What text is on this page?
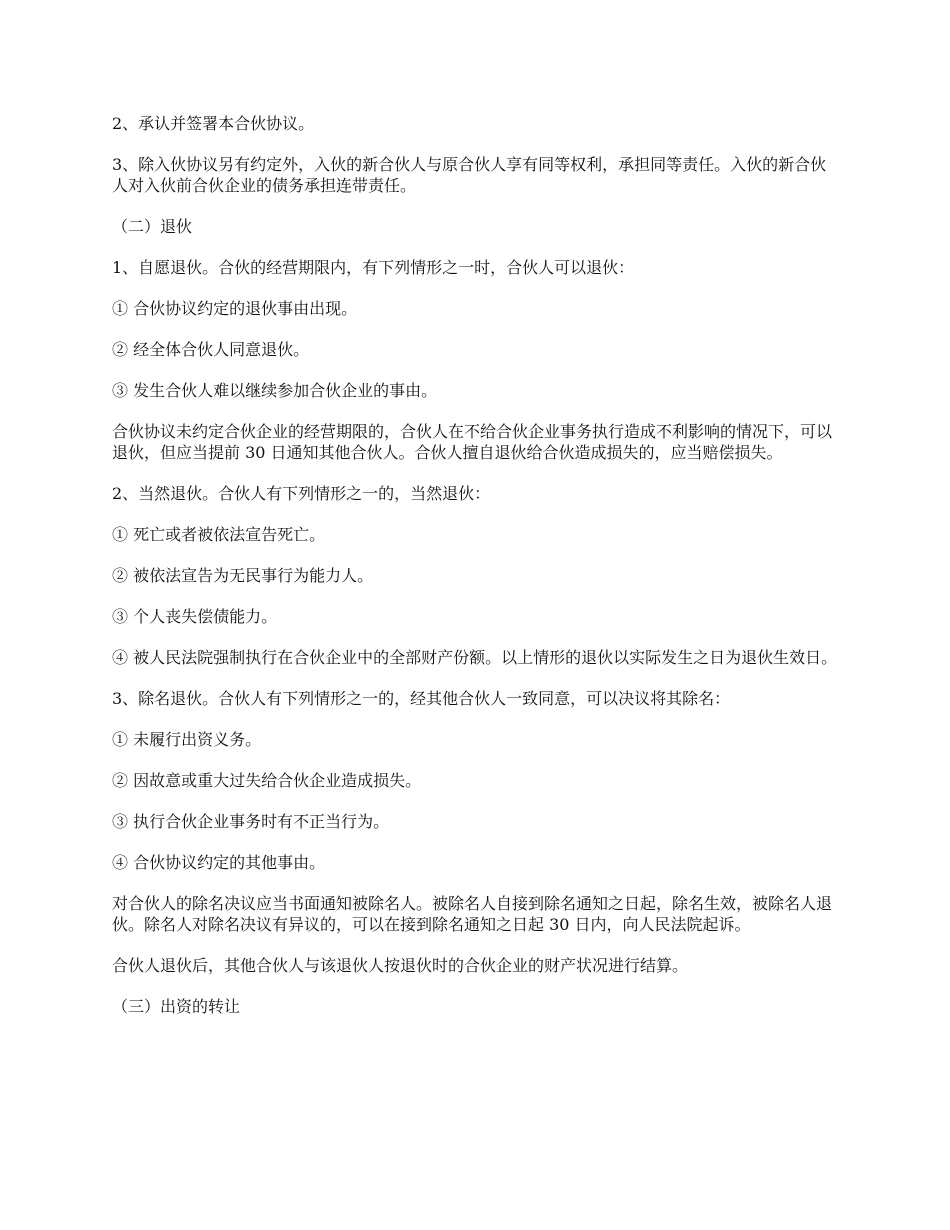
2、承认并签署本合伙协议。

3、除入伙协议另有约定外，入伙的新合伙人与原合伙人享有同等权利，承担同等责任。入伙的新合伙人对入伙前合伙企业的债务承担连带责任。

（二）退伙

1、自愿退伙。合伙的经营期限内，有下列情形之一时，合伙人可以退伙：

① 合伙协议约定的退伙事由出现。

② 经全体合伙人同意退伙。

③ 发生合伙人难以继续参加合伙企业的事由。

合伙协议未约定合伙企业的经营期限的，合伙人在不给合伙企业事务执行造成不利影响的情况下，可以退伙，但应当提前 30 日通知其他合伙人。合伙人擅自退伙给合伙造成损失的，应当赔偿损失。

2、当然退伙。合伙人有下列情形之一的，当然退伙：

① 死亡或者被依法宣告死亡。

② 被依法宣告为无民事行为能力人。

③ 个人丧失偿债能力。

④ 被人民法院强制执行在合伙企业中的全部财产份额。以上情形的退伙以实际发生之日为退伙生效日。

3、除名退伙。合伙人有下列情形之一的，经其他合伙人一致同意，可以决议将其除名：

① 未履行出资义务。

② 因故意或重大过失给合伙企业造成损失。

③ 执行合伙企业事务时有不正当行为。

④ 合伙协议约定的其他事由。

对合伙人的除名决议应当书面通知被除名人。被除名人自接到除名通知之日起，除名生效，被除名人退伙。除名人对除名决议有异议的，可以在接到除名通知之日起 30 日内，向人民法院起诉。

合伙人退伙后，其他合伙人与该退伙人按退伙时的合伙企业的财产状况进行结算。

（三）出资的转让
